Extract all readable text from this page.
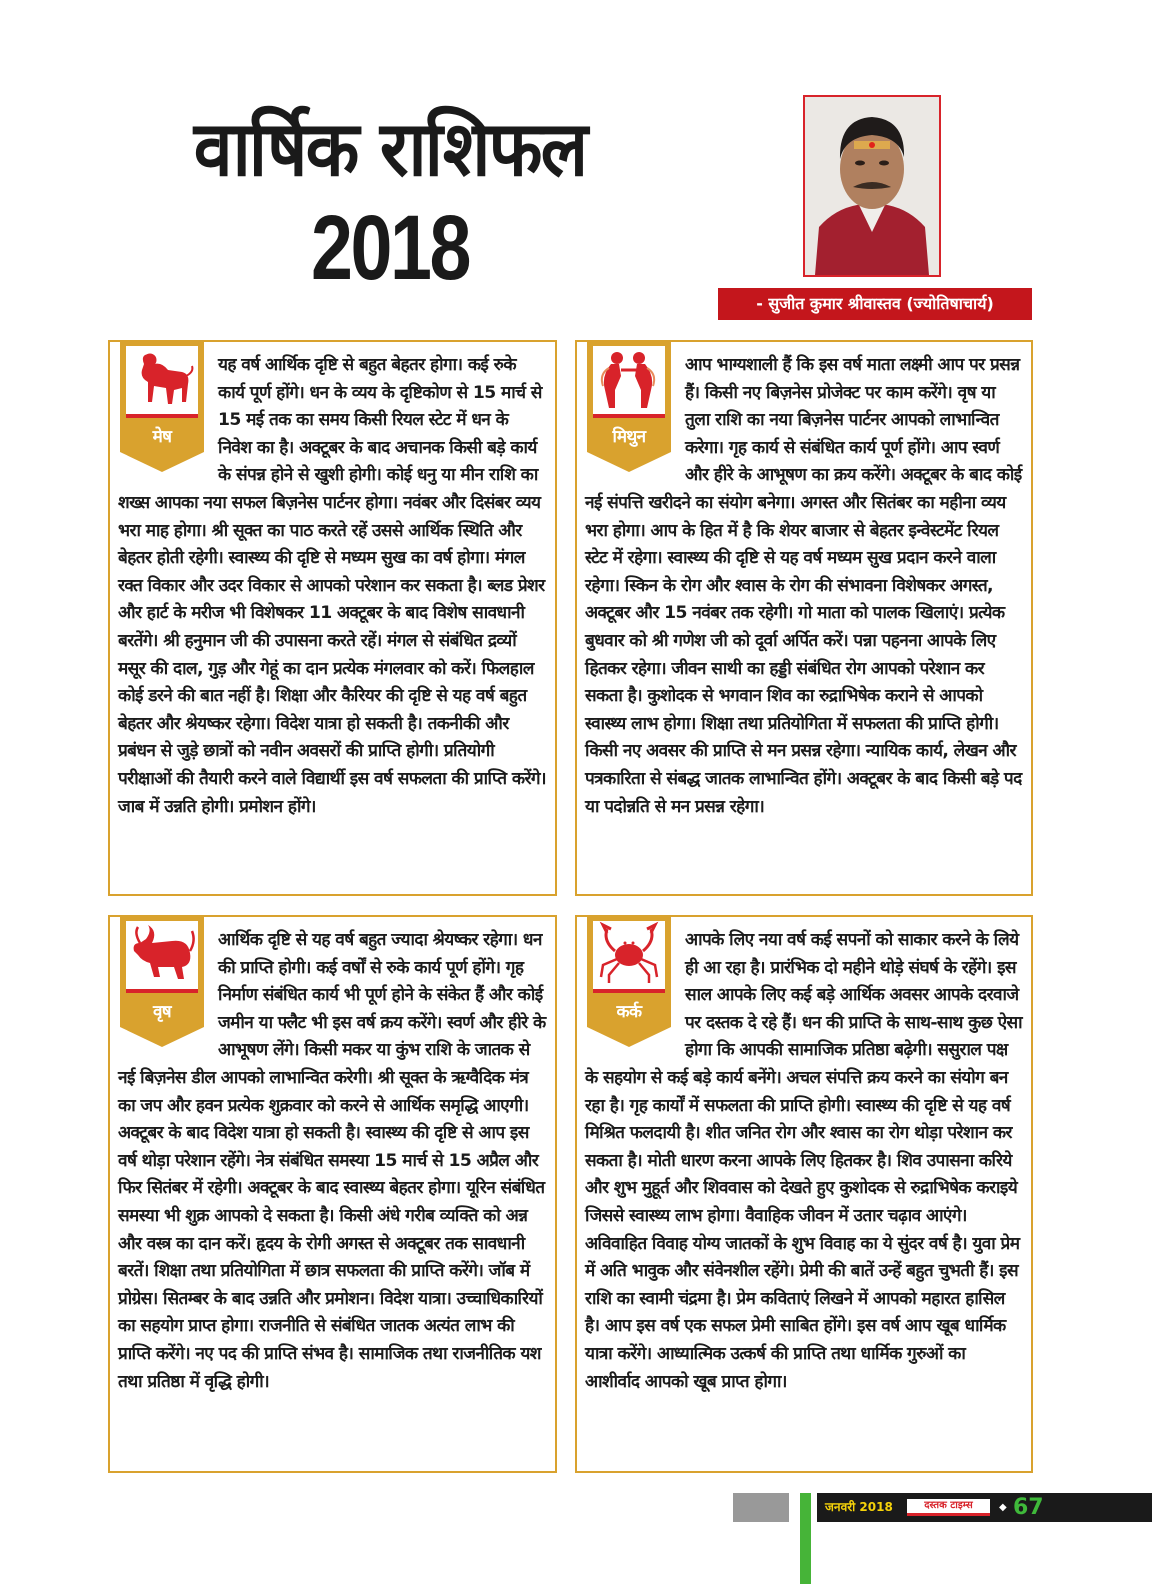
वार्षिक राशिफल
2018
- सुजीत कुमार श्रीवास्तव (ज्योतिषाचार्य)
मेष
यह वर्ष आर्थिक दृष्टि से बहुत बेहतर होगा। कई रुके कार्य पूर्ण होंगे। धन के व्यय के दृष्टिकोण से 15 मार्च से 15 मई तक का समय किसी रियल स्टेट में धन के निवेश का है। अक्टूबर के बाद अचानक किसी बड़े कार्य के संपन्न होने से खुशी होगी। कोई धनु या मीन राशि का शख्स आपका नया सफल बिज़नेस पार्टनर होगा। नवंबर और दिसंबर व्यय भरा माह होगा। श्री सूक्त का पाठ करते रहें उससे आर्थिक स्थिति और बेहतर होती रहेगी। स्वास्थ्य की दृष्टि से मध्यम सुख का वर्ष होगा। मंगल रक्त विकार और उदर विकार से आपको परेशान कर सकता है। ब्लड प्रेशर और हार्ट के मरीज भी विशेषकर 11 अक्टूबर के बाद विशेष सावधानी बरतेंगे। श्री हनुमान जी की उपासना करते रहें। मंगल से संबंधित द्रव्यों मसूर की दाल, गुड़ और गेहूं का दान प्रत्येक मंगलवार को करें। फिलहाल कोई डरने की बात नहीं है। शिक्षा और कैरियर की दृष्टि से यह वर्ष बहुत बेहतर और श्रेयष्कर रहेगा। विदेश यात्रा हो सकती है। तकनीकी और प्रबंधन से जुड़े छात्रों को नवीन अवसरों की प्राप्ति होगी। प्रतियोगी परीक्षाओं की तैयारी करने वाले विद्यार्थी इस वर्ष सफलता की प्राप्ति करेंगे। जाब में उन्नति होगी। प्रमोशन होंगे।
मिथुन
आप भाग्यशाली हैं कि इस वर्ष माता लक्ष्मी आप पर प्रसन्न हैं। किसी नए बिज़नेस प्रोजेक्ट पर काम करेंगे। वृष या तुला राशि का नया बिज़नेस पार्टनर आपको लाभान्वित करेगा। गृह कार्य से संबंधित कार्य पूर्ण होंगे। आप स्वर्ण और हीरे के आभूषण का क्रय करेंगे। अक्टूबर के बाद कोई नई संपत्ति खरीदने का संयोग बनेगा। अगस्त और सितंबर का महीना व्यय भरा होगा। आप के हित में है कि शेयर बाजार से बेहतर इन्वेस्टमेंट रियल स्टेट में रहेगा। स्वास्थ्य की दृष्टि से यह वर्ष मध्यम सुख प्रदान करने वाला रहेगा। स्किन के रोग और श्वास के रोग की संभावना विशेषकर अगस्त, अक्टूबर और 15 नवंबर तक रहेगी। गो माता को पालक खिलाएं। प्रत्येक बुधवार को श्री गणेश जी को दूर्वा अर्पित करें। पन्ना पहनना आपके लिए हितकर रहेगा। जीवन साथी का हड्डी संबंधित रोग आपको परेशान कर सकता है। कुशोदक से भगवान शिव का रुद्राभिषेक कराने से आपको स्वास्थ्य लाभ होगा। शिक्षा तथा प्रतियोगिता में सफलता की प्राप्ति होगी। किसी नए अवसर की प्राप्ति से मन प्रसन्न रहेगा। न्यायिक कार्य, लेखन और पत्रकारिता से संबद्ध जातक लाभान्वित होंगे। अक्टूबर के बाद किसी बड़े पद या पदोन्नति से मन प्रसन्न रहेगा।
वृष
आर्थिक दृष्टि से यह वर्ष बहुत ज्यादा श्रेयष्कर रहेगा। धन की प्राप्ति होगी। कई वर्षों से रुके कार्य पूर्ण होंगे। गृह निर्माण संबंधित कार्य भी पूर्ण होने के संकेत हैं और कोई जमीन या फ्लैट भी इस वर्ष क्रय करेंगे। स्वर्ण और हीरे के आभूषण लेंगे। किसी मकर या कुंभ राशि के जातक से नई बिज़नेस डील आपको लाभान्वित करेगी। श्री सूक्त के ऋग्वैदिक मंत्र का जप और हवन प्रत्येक शुक्रवार को करने से आर्थिक समृद्धि आएगी। अक्टूबर के बाद विदेश यात्रा हो सकती है। स्वास्थ्य की दृष्टि से आप इस वर्ष थोड़ा परेशान रहेंगे। नेत्र संबंधित समस्या 15 मार्च से 15 अप्रैल और फिर सितंबर में रहेगी। अक्टूबर के बाद स्वास्थ्य बेहतर होगा। यूरिन संबंधित समस्या भी शुक्र आपको दे सकता है। किसी अंधे गरीब व्यक्ति को अन्न और वस्त्र का दान करें। हृदय के रोगी अगस्त से अक्टूबर तक सावधानी बरतें। शिक्षा तथा प्रतियोगिता में छात्र सफलता की प्राप्ति करेंगे। जॉब में प्रोग्रेस। सितम्बर के बाद उन्नति और प्रमोशन। विदेश यात्रा। उच्चाधिकारियों का सहयोग प्राप्त होगा। राजनीति से संबंधित जातक अत्यंत लाभ की प्राप्ति करेंगे। नए पद की प्राप्ति संभव है। सामाजिक तथा राजनीतिक यश तथा प्रतिष्ठा में वृद्धि होगी।
कर्क
आपके लिए नया वर्ष कई सपनों को साकार करने के लिये ही आ रहा है। प्रारंभिक दो महीने थोड़े संघर्ष के रहेंगे। इस साल आपके लिए कई बड़े आर्थिक अवसर आपके दरवाजे पर दस्तक दे रहे हैं। धन की प्राप्ति के साथ-साथ कुछ ऐसा होगा कि आपकी सामाजिक प्रतिष्ठा बढ़ेगी। ससुराल पक्ष के सहयोग से कई बड़े कार्य बनेंगे। अचल संपत्ति क्रय करने का संयोग बन रहा है। गृह कार्यों में सफलता की प्राप्ति होगी। स्वास्थ्य की दृष्टि से यह वर्ष मिश्रित फलदायी है। शीत जनित रोग और श्वास का रोग थोड़ा परेशान कर सकता है। मोती धारण करना आपके लिए हितकर है। शिव उपासना करिये और शुभ मुहूर्त और शिववास को देखते हुए कुशोदक से रुद्राभिषेक कराइये जिससे स्वास्थ्य लाभ होगा। वैवाहिक जीवन में उतार चढ़ाव आएंगे। अविवाहित विवाह योग्य जातकों के शुभ विवाह का ये सुंदर वर्ष है। युवा प्रेम में अति भावुक और संवेनशील रहेंगे। प्रेमी की बातें उन्हें बहुत चुभती हैं। इस राशि का स्वामी चंद्रमा है। प्रेम कविताएं लिखने में आपको महारत हासिल है। आप इस वर्ष एक सफल प्रेमी साबित होंगे। इस वर्ष आप खूब धार्मिक यात्रा करेंगे। आध्यात्मिक उत्कर्ष की प्राप्ति तथा धार्मिक गुरुओं का आशीर्वाद आपको खूब प्राप्त होगा।
जनवरी 2018	दस्तक टाइम्स	◆ 67
